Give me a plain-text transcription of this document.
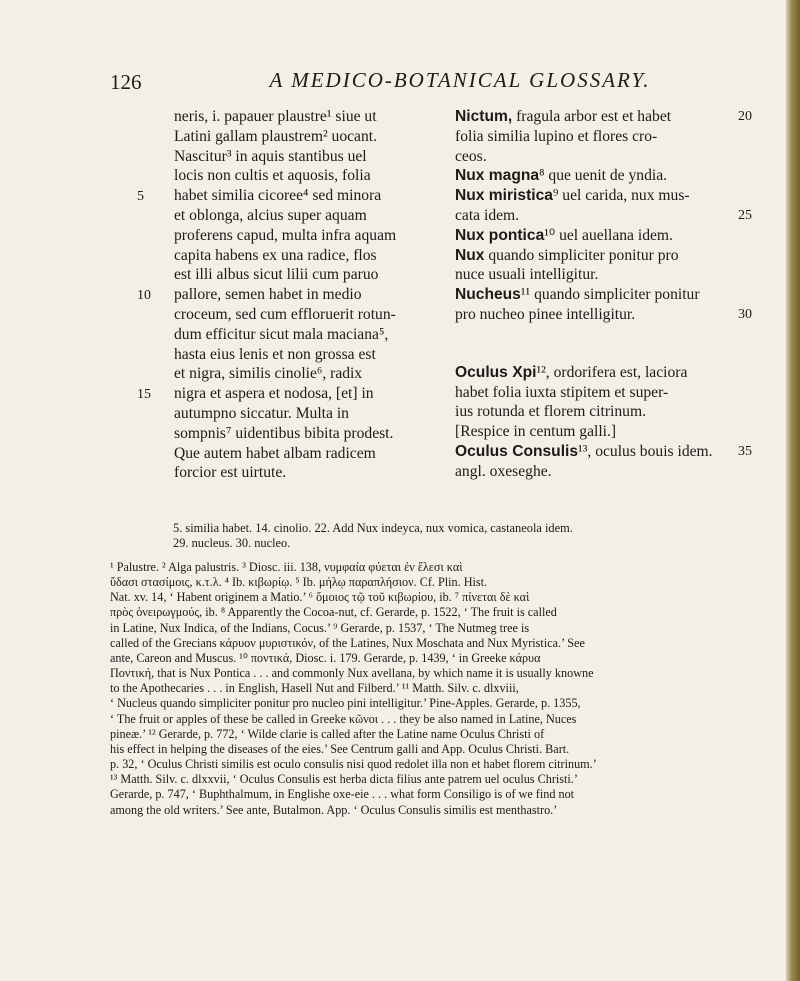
126	A MEDICO-BOTANICAL GLOSSARY.
neris, i. papauer plaustre¹ siue ut
Latini gallam plaustrem² uocant.
Nascitur³ in aquis stantibus uel
locis non cultis et aquosis, folia
habet similia cicoree⁴ sed minora
et oblonga, alcius super aquam
proferens capud, multa infra aquam
capita habens ex una radice, flos
est illi albus sicut lilii cum paruo
pallore, semen habet in medio
croceum, sed cum effloruerit rotun-
dum efficitur sicut mala maciana⁵,
hasta eius lenis et non grossa est
et nigra, similis cinolie⁶, radix
nigra et aspera et nodosa, [et] in
autumpno siccatur. Multa in
sompnis⁷ uidentibus bibita prodest.
Que autem habet albam radicem
forcior est uirtute.
5
10
15
Nictum, fragula arbor est et habet
folia similia lupino et flores cro-
ceos.
Nux magna⁸ que uenit de yndia.
Nux miristica⁹ uel carida, nux mus-
cata idem.
Nux pontica¹⁰ uel auellana idem.
Nux quando simpliciter ponitur pro
nuce usuali intelligitur.
Nucheus¹¹ quando simpliciter ponitur
pro nucheo pinee intelligitur.
Oculus Xpi¹², ordorifera est, laciora
habet folia iuxta stipitem et super-
ius rotunda et florem citrinum.
[Respice in centum galli.]
Oculus Consulis¹³, oculus bouis idem.
angl. oxeseghe.
20
25
30
35
5. similia habet. 14. cinolio. 22. Add Nux indeyca, nux vomica, castaneola idem.
29. nucleus. 30. nucleo.
¹ Palustre. ² Alga palustris. ³ Diosc. iii. 138, νυμφαία φύεται ἐν ἕλεσι καὶ
ὕδασι στασίμοις, κ.τ.λ. ⁴ Ib. κιβωρίῳ. ⁵ Ib. μήλῳ παραπλήσιον. Cf. Plin. Hist.
Nat. xv. 14, ‘ Habent originem a Matio.’ ⁶ ὅμοιος τῷ τοῦ κιβωρίου, ib. ⁷ πίνεται δὲ καὶ
πρὸς ὀνειρωγμούς, ib. ⁸ Apparently the Cocoa-nut, cf. Gerarde, p. 1522, ‘ The fruit is called
in Latine, Nux Indica, of the Indians, Cocus.’ ⁹ Gerarde, p. 1537, ‘ The Nutmeg tree is
called of the Grecians κάρυον μυριστικόν, of the Latines, Nux Moschata and Nux Myristica.’ See
ante, Careon and Muscus. ¹⁰ ποντικά, Diosc. i. 179. Gerarde, p. 1439, ‘ in Greeke κάρυα
Ποντική, that is Nux Pontica . . . and commonly Nux avellana, by which name it is usually knowne
to the Apothecaries . . . in English, Hasell Nut and Filberd.’ ¹¹ Matth. Silv. c. dlxviii,
‘ Nucleus quando simpliciter ponitur pro nucleo pini intelligitur.’ Pine-Apples. Gerarde, p. 1355,
‘ The fruit or apples of these be called in Greeke κῶνοι . . . they be also named in Latine, Nuces
pineæ.’ ¹² Gerarde, p. 772, ‘ Wilde clarie is called after the Latine name Oculus Christi of
his effect in helping the diseases of the eies.’ See Centrum galli and App. Oculus Christi. Bart.
p. 32, ‘ Oculus Christi similis est oculo consulis nisi quod redolet illa non et habet florem citrinum.’
¹³ Matth. Silv. c. dlxxvii, ‘ Oculus Consulis est herba dicta filius ante patrem uel oculus Christi.’
Gerarde, p. 747, ‘ Buphthalmum, in Englishe oxe-eie . . . what form Consiligo is of we find not
among the old writers.’ See ante, Butalmon. App. ‘ Oculus Consulis similis est menthastro.’
